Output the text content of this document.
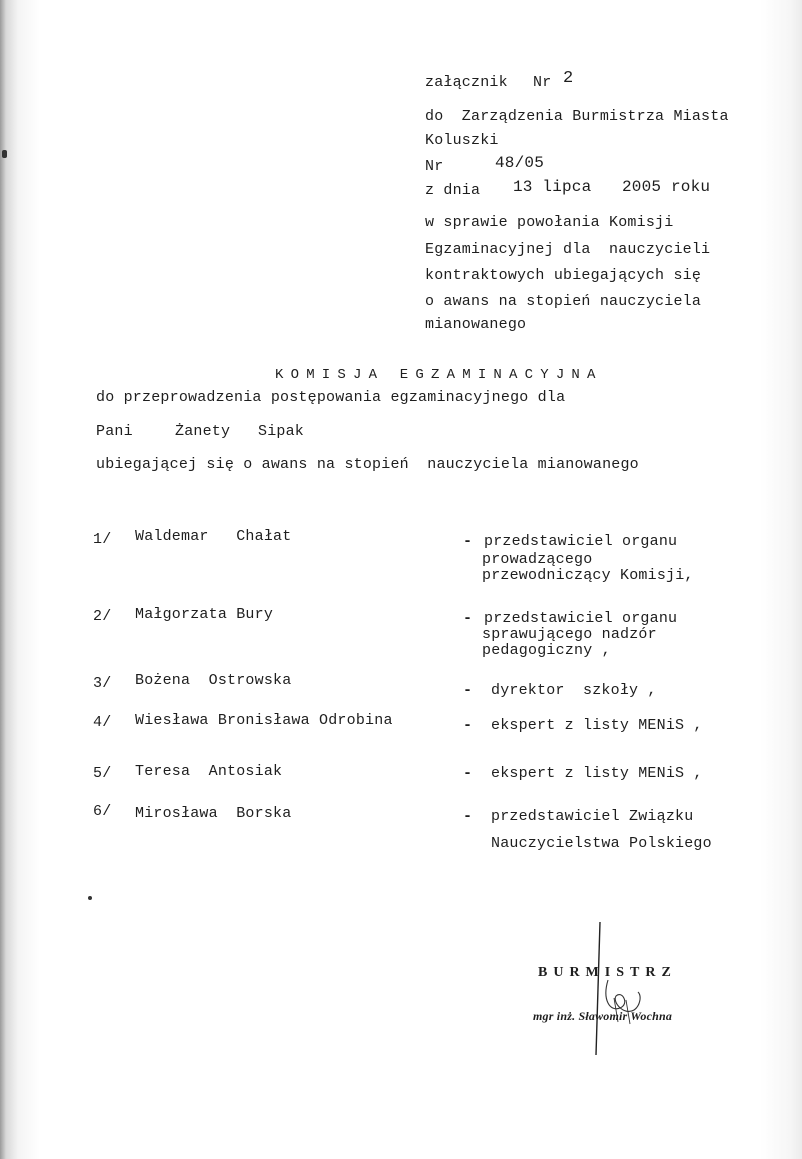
załącznik Nr 2
do  Zarządzenia Burmistrza Miasta
Koluszki
Nr	48/05
z dnia 13 lipca 2005 roku
w sprawie powołania Komisji
Egzaminacyjnej dla  nauczycieli
kontraktowych ubiegających się
o awans na stopień nauczyciela
mianowanego
KOMISJA EGZAMINACYJNA
do przeprowadzenia postępowania egzaminacyjnego dla
Pani	Żanety Sipak
ubiegającej się o awans na stopień  nauczyciela mianowanego
1/ Waldemar   Chałat	- przedstawiciel organu
prowadzącego
przewodniczący Komisji,
2/ Małgorzata Bury	- przedstawiciel organu
sprawującego nadzór
pedagogiczny ,
3/ Bożena  Ostrowska
- dyrektor  szkoły ,
4/ Wiesława Bronisława Odrobina	- ekspert z listy MENiS ,
5/ Teresa  Antosiak	- ekspert z listy MENiS ,
6/ Mirosława  Borska	- przedstawiciel Związku
Nauczycielstwa Polskiego
BURMISTRZ
mgr inż. Sławomir Wochna
